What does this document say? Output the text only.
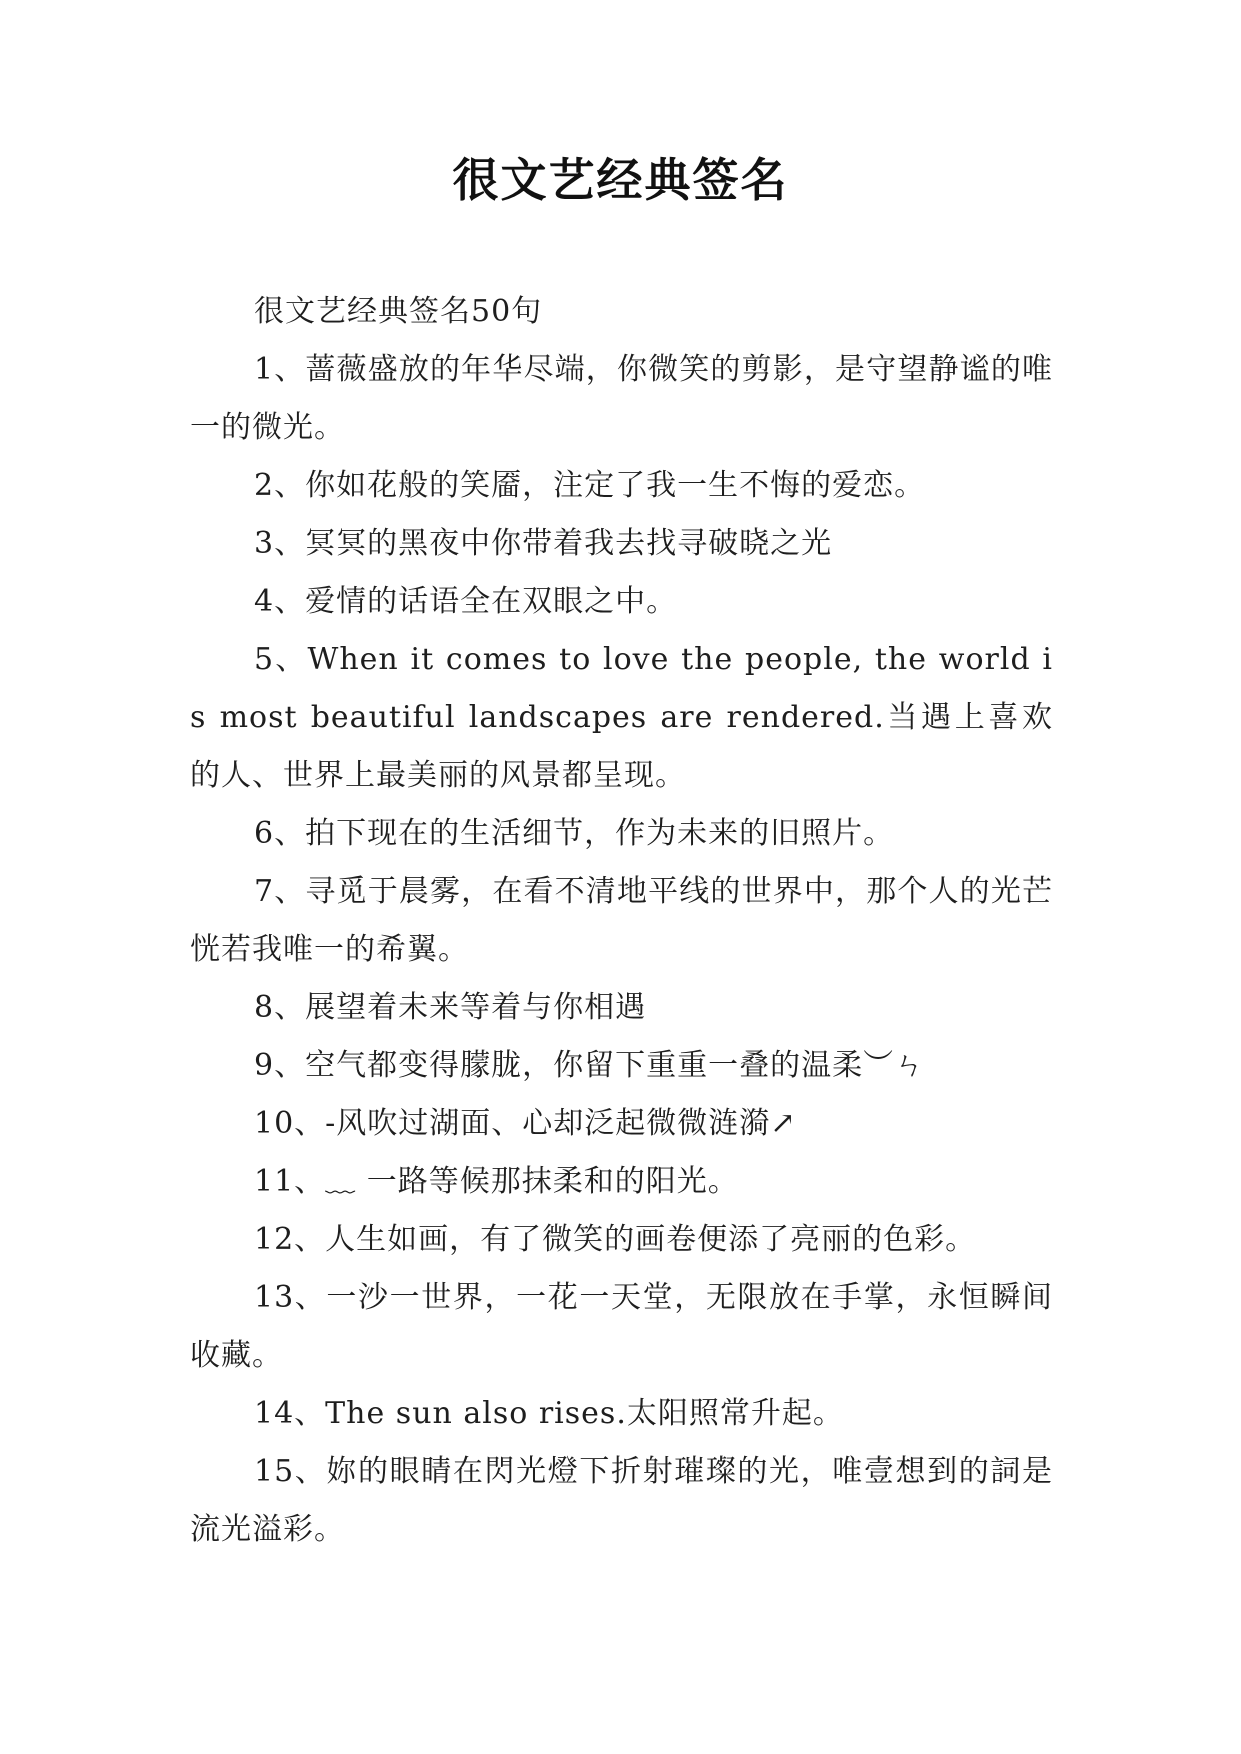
很文艺经典签名

很文艺经典签名50句

1、蔷薇盛放的年华尽端，你微笑的剪影，是守望静谧的唯一的微光。

2、你如花般的笑靥，注定了我一生不悔的爱恋。

3、冥冥的黑夜中你带着我去找寻破晓之光

4、爱情的话语全在双眼之中。

5、When it comes to love the people, the world is most beautiful landscapes are rendered.当遇上喜欢的人、世界上最美丽的风景都呈现。

6、拍下现在的生活细节，作为未来的旧照片。

7、寻觅于晨雾，在看不清地平线的世界中，那个人的光芒恍若我唯一的希翼。

8、展望着未来等着与你相遇

9、空气都变得朦胧，你留下重重一叠的温柔︶ㄣ

10、-风吹过湖面、心却泛起微微涟漪↗

11、﹏ 一路等候那抹柔和的阳光。

12、人生如画，有了微笑的画卷便添了亮丽的色彩。

13、一沙一世界，一花一天堂，无限放在手掌，永恒瞬间收藏。

14、The sun also rises.太阳照常升起。

15、妳的眼睛在閃光燈下折射璀璨的光，唯壹想到的詞是流光溢彩。
